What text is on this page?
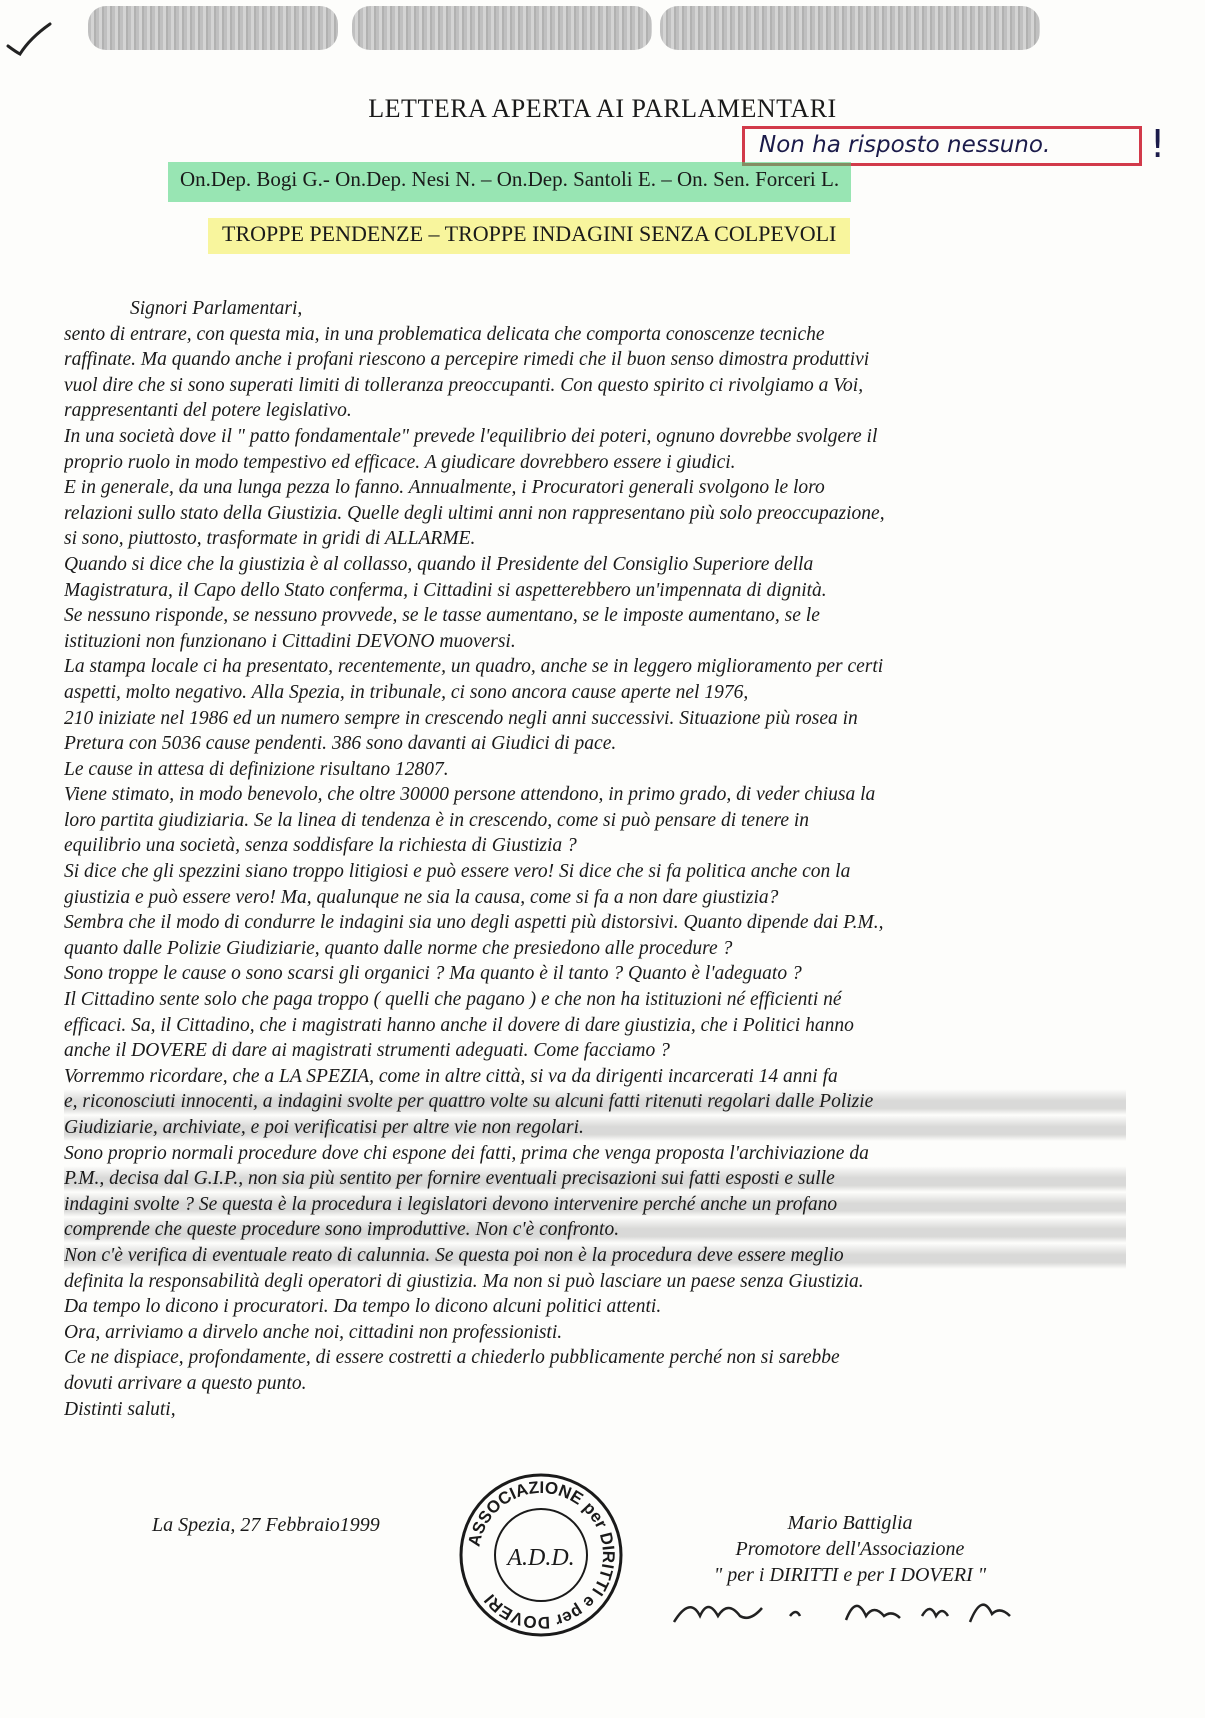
LETTERA APERTA AI PARLAMENTARI
Non ha risposto nessuno.	!
On.Dep. Bogi G.- On.Dep. Nesi N. – On.Dep. Santoli E. – On. Sen. Forceri L.
TROPPE PENDENZE – TROPPE INDAGINI SENZA COLPEVOLI
Signori Parlamentari,
sento di entrare, con questa mia, in una problematica delicata che comporta conoscenze tecniche
raffinate. Ma quando anche i profani riescono a percepire rimedi che il buon senso dimostra produttivi
vuol dire che si sono superati limiti di tolleranza preoccupanti. Con questo spirito ci rivolgiamo a Voi,
rappresentanti del potere legislativo.
In una società dove il " patto fondamentale" prevede l'equilibrio dei poteri, ognuno dovrebbe svolgere il
proprio ruolo in modo tempestivo ed efficace. A giudicare dovrebbero essere i giudici.
E in generale, da una lunga pezza lo fanno. Annualmente, i Procuratori generali svolgono le loro
relazioni sullo stato della Giustizia. Quelle degli ultimi anni non rappresentano più solo preoccupazione,
si sono, piuttosto, trasformate in gridi di ALLARME.
Quando si dice che la giustizia è al collasso, quando il Presidente del Consiglio Superiore della
Magistratura, il Capo dello Stato conferma, i Cittadini si aspetterebbero un'impennata di dignità.
Se nessuno risponde, se nessuno provvede, se le tasse aumentano, se le imposte aumentano, se le
istituzioni non funzionano i Cittadini DEVONO muoversi.
La stampa locale ci ha presentato, recentemente, un quadro, anche se in leggero miglioramento per certi
aspetti, molto negativo. Alla Spezia, in tribunale, ci sono ancora cause aperte nel 1976,
210 iniziate nel 1986 ed un numero sempre in crescendo negli anni successivi. Situazione più rosea in
Pretura con 5036 cause pendenti. 386 sono davanti ai Giudici di pace.
Le cause in attesa di definizione risultano 12807.
Viene stimato, in modo benevolo, che oltre 30000 persone attendono, in primo grado, di veder chiusa la
loro partita giudiziaria. Se la linea di tendenza è in crescendo, come si può pensare di tenere in
equilibrio una società, senza soddisfare la richiesta di Giustizia ?
Si dice che gli spezzini siano troppo litigiosi e può essere vero! Si dice che si fa politica anche con la
giustizia e può essere vero! Ma, qualunque ne sia la causa, come si fa a non dare giustizia?
Sembra che il modo di condurre le indagini sia uno degli aspetti più distorsivi. Quanto dipende dai P.M.,
quanto dalle Polizie Giudiziarie, quanto dalle norme che presiedono alle procedure ?
Sono troppe le cause o sono scarsi gli organici ? Ma quanto è il tanto ? Quanto è l'adeguato ?
Il Cittadino sente solo che paga troppo ( quelli che pagano ) e che non ha istituzioni né efficienti né
efficaci. Sa, il Cittadino, che i magistrati hanno anche il dovere di dare giustizia, che i Politici hanno
anche il DOVERE di dare ai magistrati strumenti adeguati. Come facciamo ?
Vorremmo ricordare, che a LA SPEZIA, come in altre città, si va da dirigenti incarcerati 14 anni fa
e, riconosciuti innocenti, a indagini svolte per quattro volte su alcuni fatti ritenuti regolari dalle Polizie
Giudiziarie, archiviate, e poi verificatisi per altre vie non regolari.
Sono proprio normali procedure dove chi espone dei fatti, prima che venga proposta l'archiviazione da
P.M., decisa dal G.I.P., non sia più sentito per fornire eventuali precisazioni sui fatti esposti e sulle
indagini svolte ? Se questa è la procedura i legislatori devono intervenire perché anche un profano
comprende che queste procedure sono improduttive. Non c'è confronto.
Non c'è verifica di eventuale reato di calunnia. Se questa poi non è la procedura deve essere meglio
definita la responsabilità degli operatori di giustizia. Ma non si può lasciare un paese senza Giustizia.
Da tempo lo dicono i procuratori. Da tempo lo dicono alcuni politici attenti.
Ora, arriviamo a dirvelo anche noi, cittadini non professionisti.
Ce ne dispiace, profondamente, di essere costretti a chiederlo pubblicamente perché non si sarebbe
dovuti arrivare a questo punto.
Distinti saluti,
La Spezia, 27 Febbraio1999
ASSOCIAZIONE per DIRITTI e per DOVERI
A.D.D.
Mario Battiglia
Promotore dell'Associazione
" per i DIRITTI e per I DOVERI "
